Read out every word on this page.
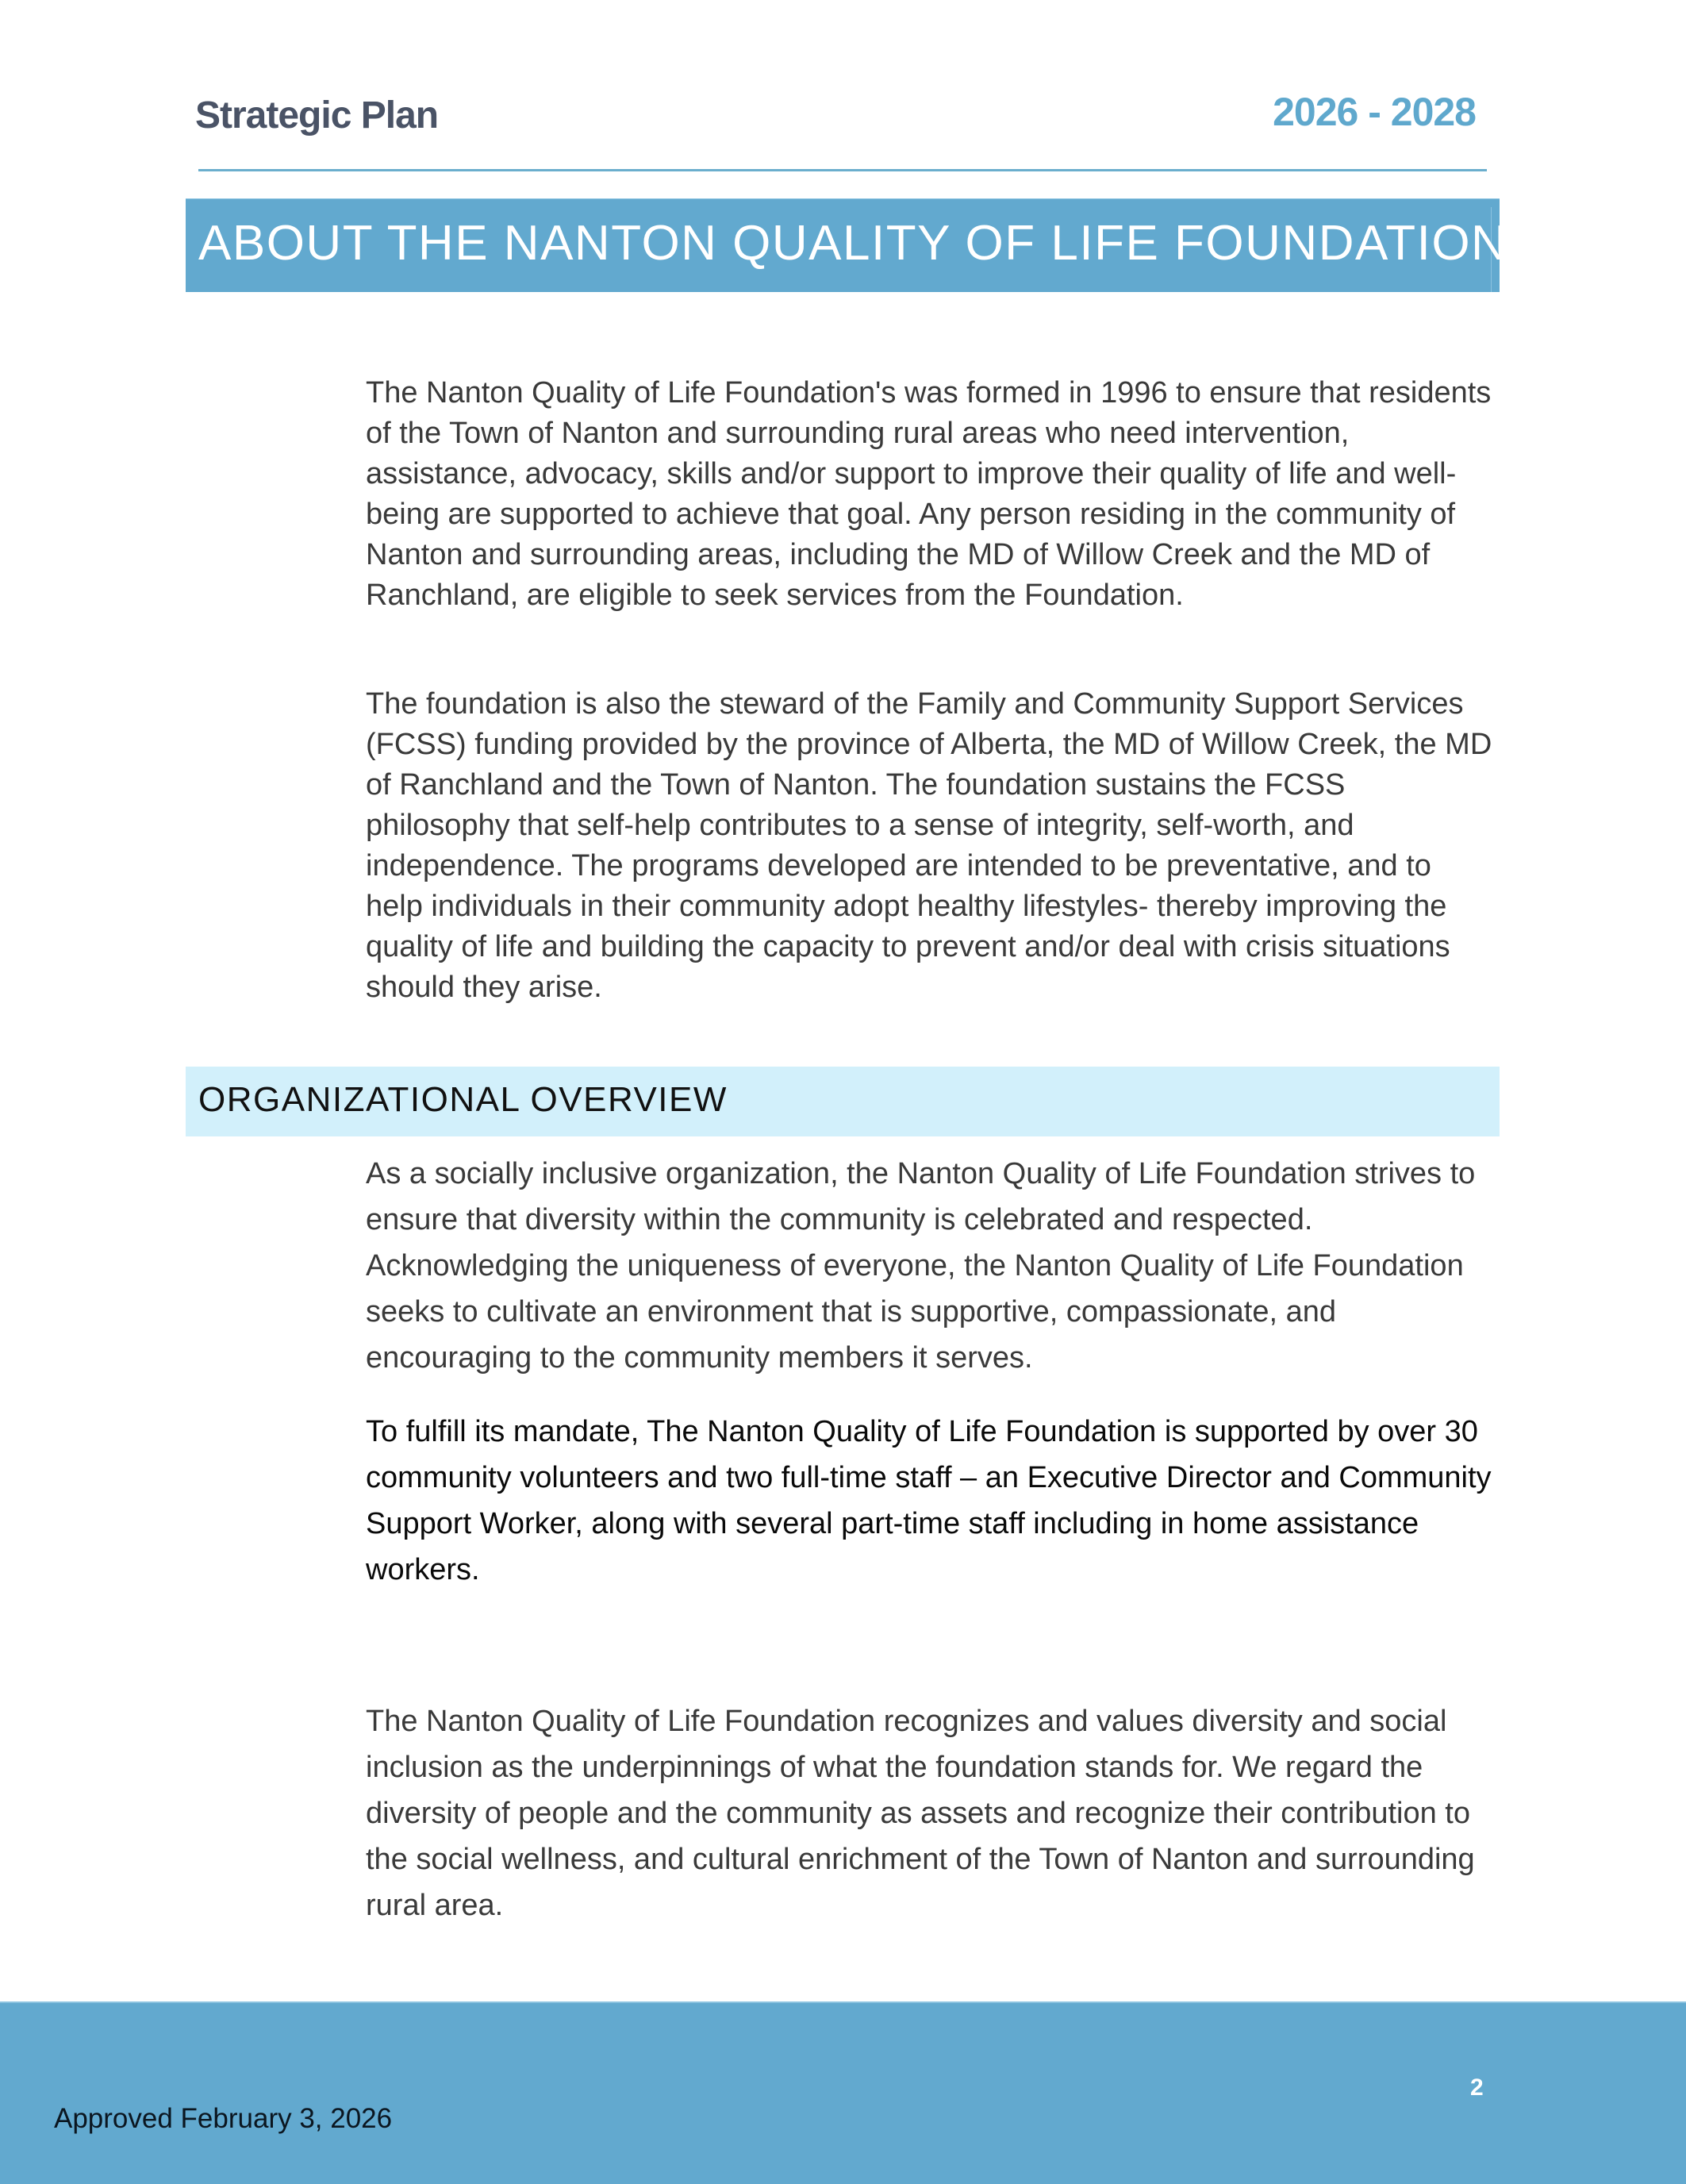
Strategic Plan	2026 - 2028
ABOUT THE NANTON QUALITY OF LIFE FOUNDATION

The Nanton Quality of Life Foundation's was formed in 1996 to ensure that residents of the Town of Nanton and surrounding rural areas who need intervention, assistance, advocacy, skills and/or support to improve their quality of life and well-being are supported to achieve that goal. Any person residing in the community of Nanton and surrounding areas, including the MD of Willow Creek and the MD of Ranchland, are eligible to seek services from the Foundation.

The foundation is also the steward of the Family and Community Support Services (FCSS) funding provided by the province of Alberta, the MD of Willow Creek, the MD of Ranchland and the Town of Nanton. The foundation sustains the FCSS philosophy that self-help contributes to a sense of integrity, self-worth, and independence. The programs developed are intended to be preventative, and to help individuals in their community adopt healthy lifestyles- thereby improving the quality of life and building the capacity to prevent and/or deal with crisis situations should they arise.

ORGANIZATIONAL OVERVIEW

As a socially inclusive organization, the Nanton Quality of Life Foundation strives to ensure that diversity within the community is celebrated and respected. Acknowledging the uniqueness of everyone, the Nanton Quality of Life Foundation seeks to cultivate an environment that is supportive, compassionate, and encouraging to the community members it serves.

To fulfill its mandate, The Nanton Quality of Life Foundation is supported by over 30 community volunteers and two full-time staff – an Executive Director and Community Support Worker, along with several part-time staff including in home assistance workers.

The Nanton Quality of Life Foundation recognizes and values diversity and social inclusion as the underpinnings of what the foundation stands for. We regard the diversity of people and the community as assets and recognize their contribution to the social wellness, and cultural enrichment of the Town of Nanton and surrounding rural area.

2
Approved February 3, 2026
